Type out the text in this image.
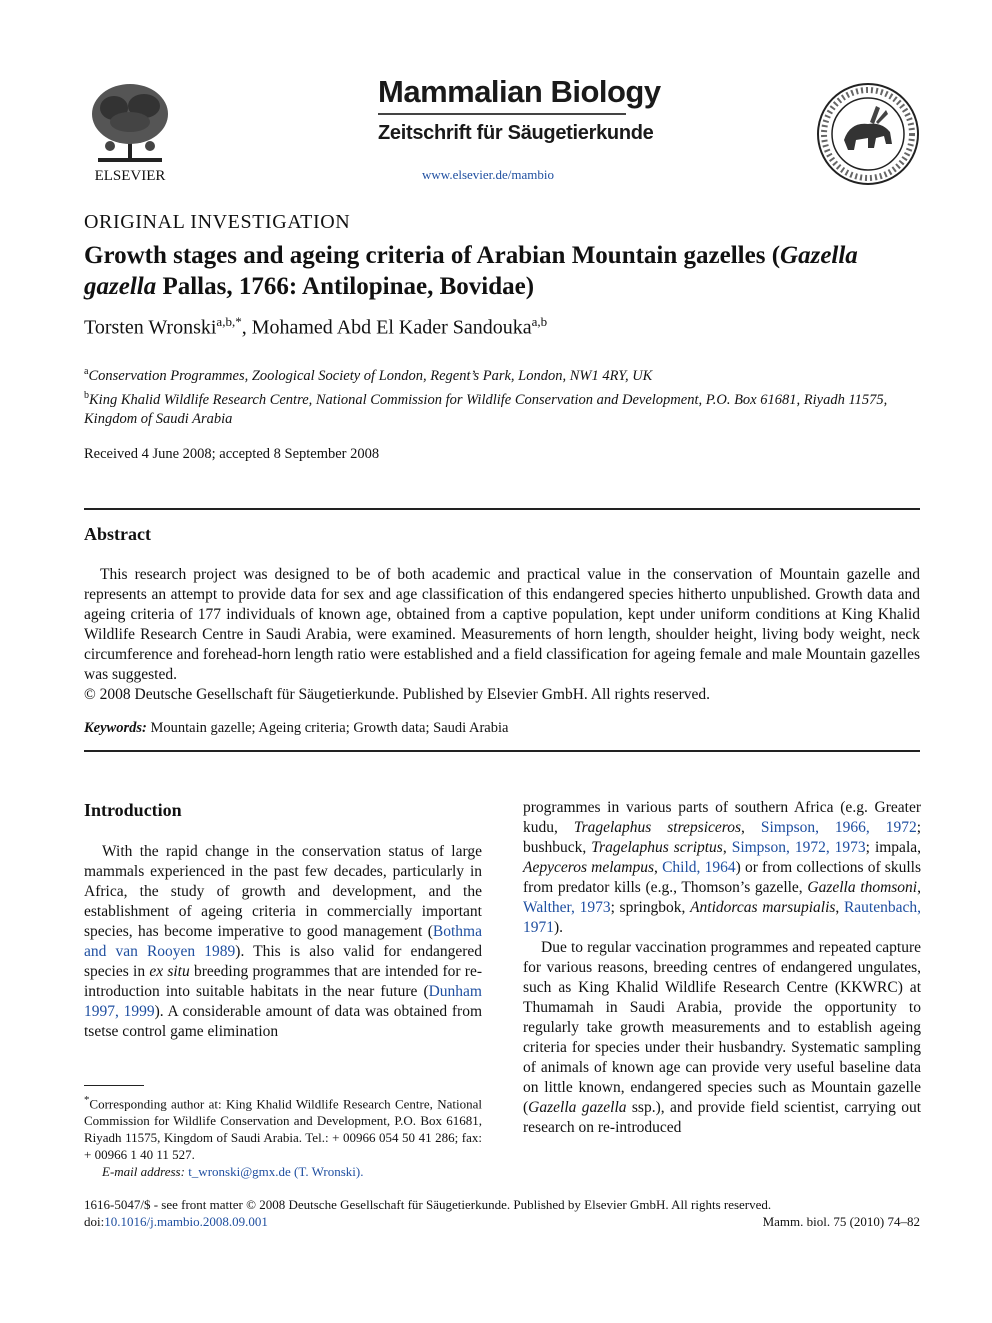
ELSEVIER
Mammalian Biology
Zeitschrift für Säugetierkunde
www.elsevier.de/mambio
ORIGINAL INVESTIGATION
Growth stages and ageing criteria of Arabian Mountain gazelles (Gazella gazella Pallas, 1766: Antilopinae, Bovidae)
Torsten Wronski$^{a,b,*}$, Mohamed Abd El Kader Sandouka$^{a,b}$
$^a$Conservation Programmes, Zoological Society of London, Regent’s Park, London, NW1 4RY, UK
$^b$King Khalid Wildlife Research Centre, National Commission for Wildlife Conservation and Development, P.O. Box 61681, Riyadh 11575, Kingdom of Saudi Arabia
Received 4 June 2008; accepted 8 September 2008
Abstract

This research project was designed to be of both academic and practical value in the conservation of Mountain gazelle and represents an attempt to provide data for sex and age classification of this endangered species hitherto unpublished. Growth data and ageing criteria of 177 individuals of known age, obtained from a captive population, kept under uniform conditions at King Khalid Wildlife Research Centre in Saudi Arabia, were examined. Measurements of horn length, shoulder height, living body weight, neck circumference and forehead-horn length ratio were established and a field classification for ageing female and male Mountain gazelles was suggested.

© 2008 Deutsche Gesellschaft für Säugetierkunde. Published by Elsevier GmbH. All rights reserved.

Keywords: Mountain gazelle; Ageing criteria; Growth data; Saudi Arabia
Introduction

With the rapid change in the conservation status of large mammals experienced in the past few decades, particularly in Africa, the study of growth and development, and the establishment of ageing criteria in commercially important species, has become imperative to good management (Bothma and van Rooyen 1989). This is also valid for endangered species in ex situ breeding programmes that are intended for re-introduction into suitable habitats in the near future (Dunham 1997, 1999). A considerable amount of data was obtained from tsetse control game elimination

programmes in various parts of southern Africa (e.g. Greater kudu, Tragelaphus strepsiceros, Simpson, 1966, 1972; bushbuck, Tragelaphus scriptus, Simpson, 1972, 1973; impala, Aepyceros melampus, Child, 1964) or from collections of skulls from predator kills (e.g., Thomson’s gazelle, Gazella thomsoni, Walther, 1973; springbok, Antidorcas marsupialis, Rautenbach, 1971).

Due to regular vaccination programmes and repeated capture for various reasons, breeding centres of endangered ungulates, such as King Khalid Wildlife Research Centre (KKWRC) at Thumamah in Saudi Arabia, provide the opportunity to regularly take growth measurements and to establish ageing criteria for species under their husbandry. Systematic sampling of animals of known age can provide very useful baseline data on little known, endangered species such as Mountain gazelle (Gazella gazella ssp.), and provide field scientist, carrying out research on re-introduced

*Corresponding author at: King Khalid Wildlife Research Centre, National Commission for Wildlife Conservation and Development, P.O. Box 61681, Riyadh 11575, Kingdom of Saudi Arabia. Tel.: + 00966 054 50 41 286; fax: + 00966 1 40 11 527.

E-mail address: t_wronski@gmx.de (T. Wronski).

1616-5047/$ - see front matter © 2008 Deutsche Gesellschaft für Säugetierkunde. Published by Elsevier GmbH. All rights reserved.
doi:10.1016/j.mambio.2008.09.001	Mamm. biol. 75 (2010) 74–82
